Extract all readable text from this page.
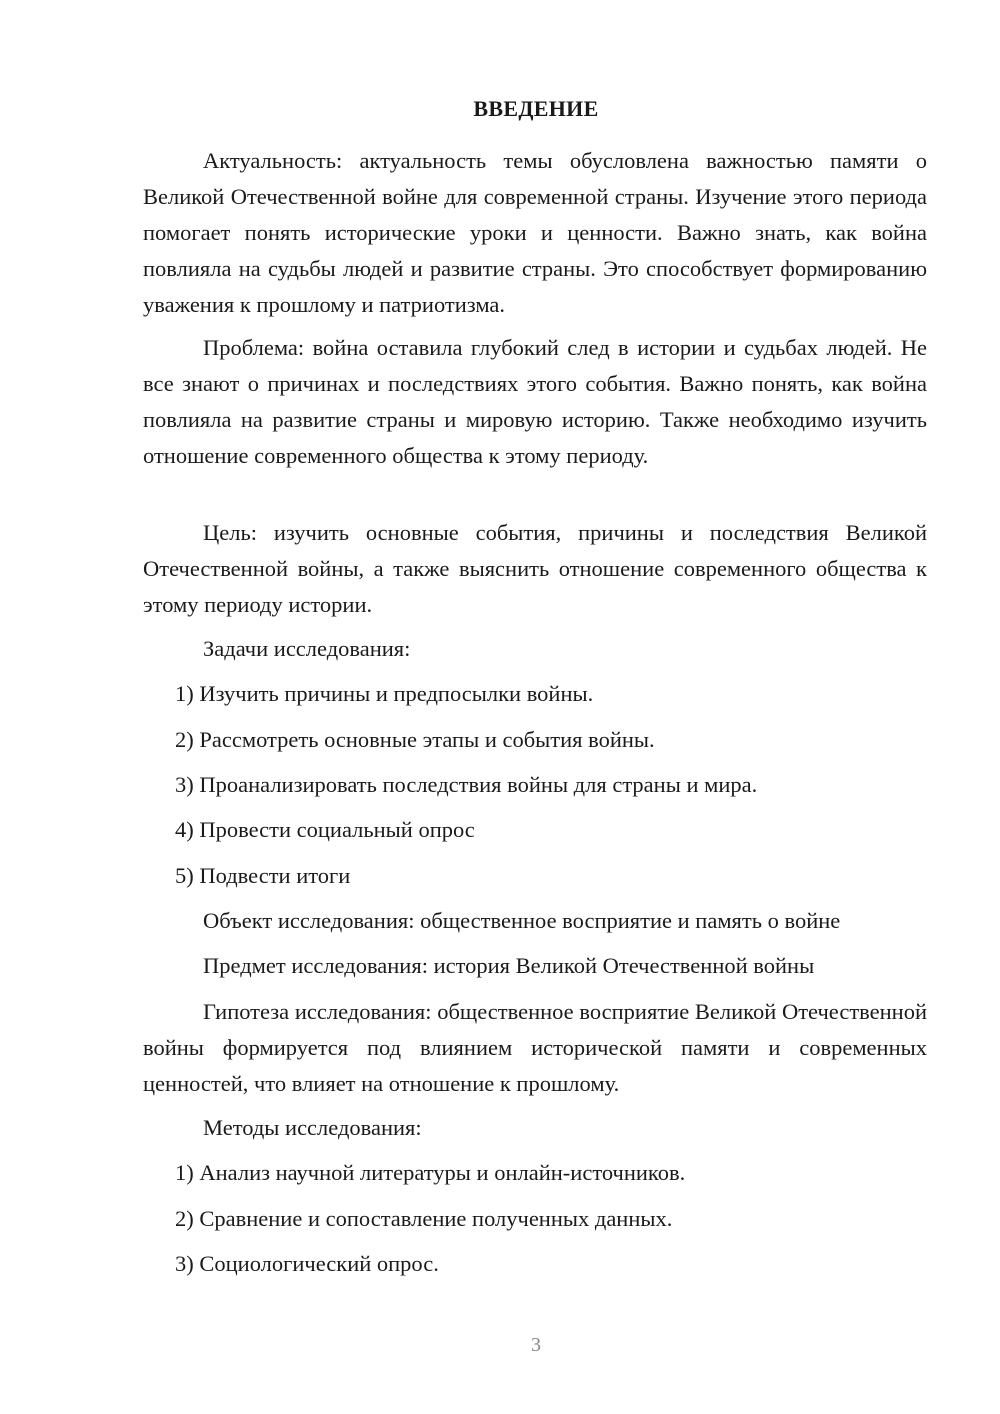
ВВЕДЕНИЕ

Актуальность: актуальность темы обусловлена важностью памяти о Великой Отечественной войне для современной страны. Изучение этого периода помогает понять исторические уроки и ценности. Важно знать, как война повлияла на судьбы людей и развитие страны. Это способствует формированию уважения к прошлому и патриотизма.

Проблема: война оставила глубокий след в истории и судьбах людей. Не все знают о причинах и последствиях этого события. Важно понять, как война повлияла на развитие страны и мировую историю. Также необходимо изучить отношение современного общества к этому периоду.

Цель: изучить основные события, причины и последствия Великой Отечественной войны, а также выяснить отношение современного общества к этому периоду истории.

Задачи исследования:
1) Изучить причины и предпосылки войны.
2) Рассмотреть основные этапы и события войны.
3) Проанализировать последствия войны для страны и мира.
4) Провести социальный опрос
5) Подвести итоги
Объект исследования: общественное восприятие и память о войне
Предмет исследования: история Великой Отечественной войны

Гипотеза исследования: общественное восприятие Великой Отечественной войны формируется под влиянием исторической памяти и современных ценностей, что влияет на отношение к прошлому.

Методы исследования:
1) Анализ научной литературы и онлайн-источников.
2) Сравнение и сопоставление полученных данных.
3) Социологический опрос.
3
